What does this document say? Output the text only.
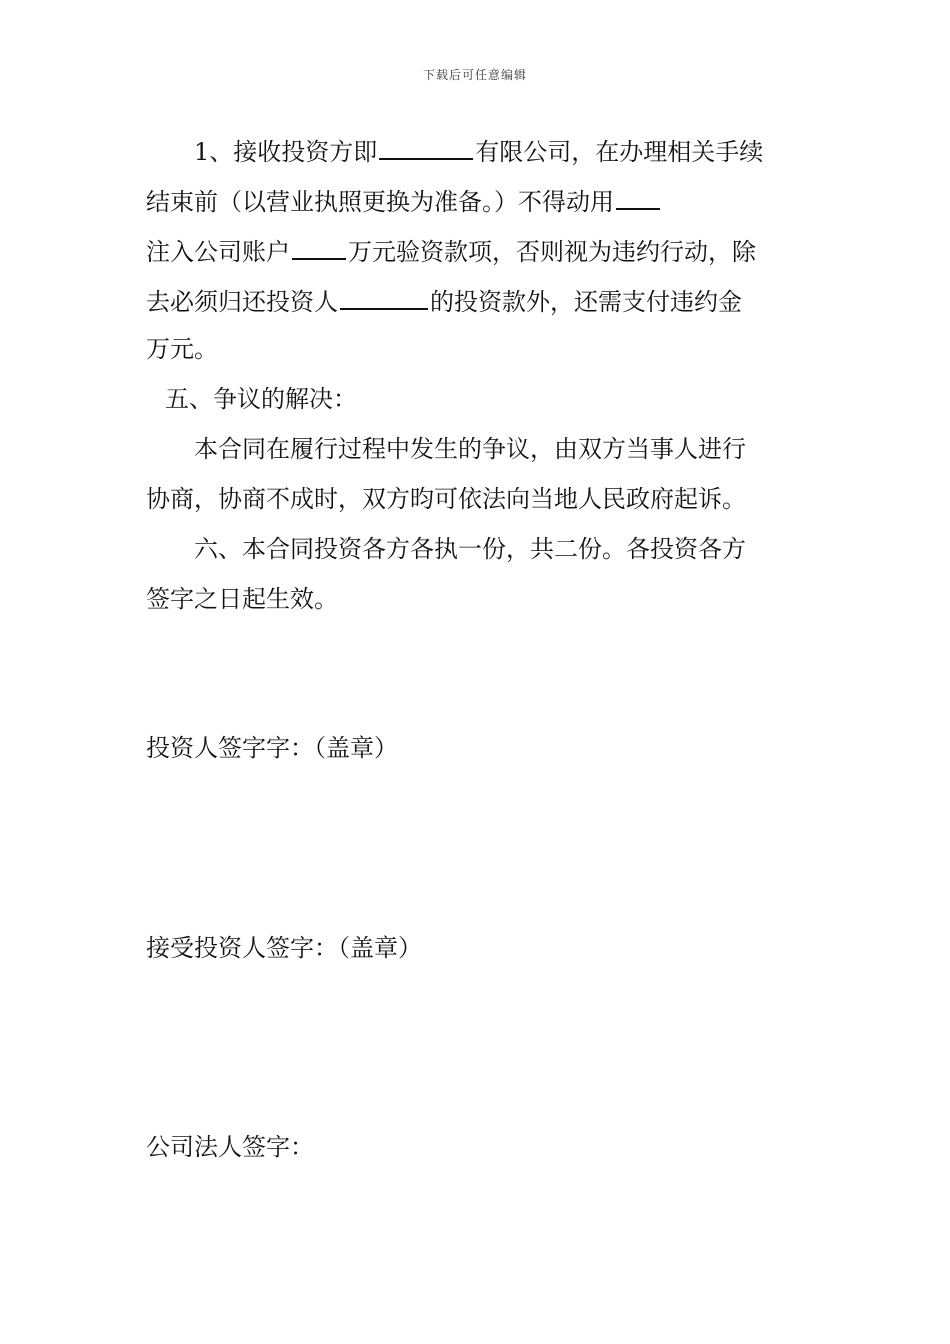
下载后可任意编辑
1、接收投资方即	有限公司，在办理相关手续
结束前（以营业执照更换为准备。）不得动用
注入公司账户 万元验资款项，否则视为违约行动，除
去必须归还投资人	的投资款外，还需支付违约金
万元。
五、争议的解决：
本合同在履行过程中发生的争议，由双方当事人进行
协商，协商不成时，双方昀可依法向当地人民政府起诉。
六、本合同投资各方各执一份，共二份。各投资各方
签字之日起生效。
投资人签字字：（盖章）
接受投资人签字：（盖章）
公司法人签字：
